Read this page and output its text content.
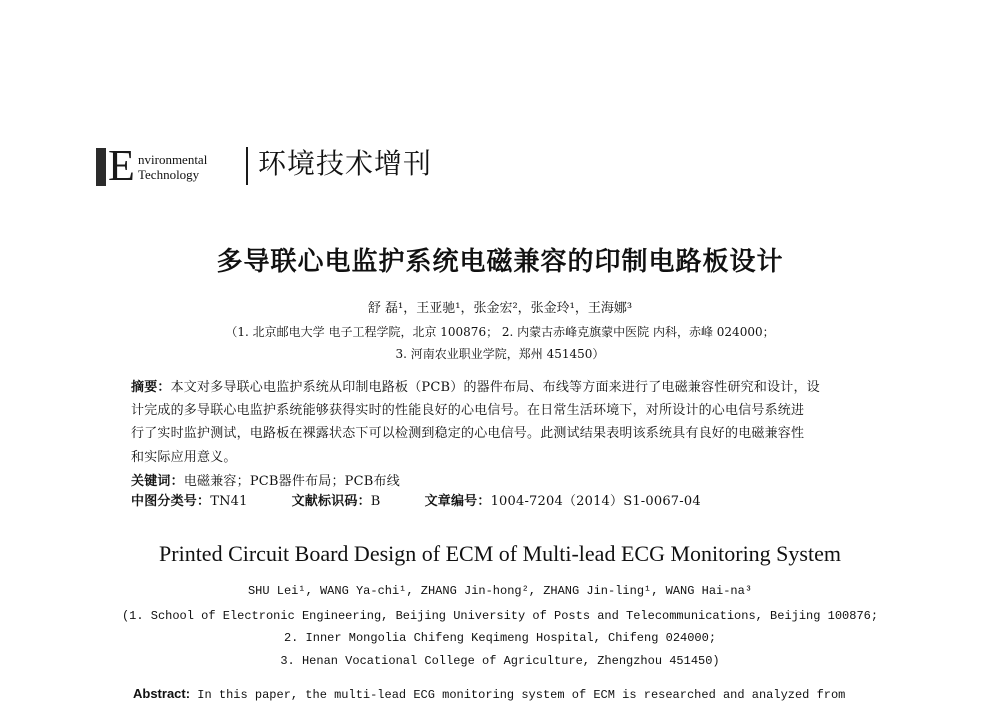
E nvironmental
Technology 环境技术增刊
多导联心电监护系统电磁兼容的印制电路板设计
舒 磊¹，王亚驰¹，张金宏²，张金玲¹，王海娜³
（1. 北京邮电大学 电子工程学院，北京 100876； 2. 内蒙古赤峰克旗蒙中医院 内科，赤峰 024000；
3. 河南农业职业学院，郑州 451450）
摘要：本文对多导联心电监护系统从印制电路板（PCB）的器件布局、布线等方面来进行了电磁兼容性研究和设计，设
计完成的多导联心电监护系统能够获得实时的性能良好的心电信号。在日常生活环境下，对所设计的心电信号系统进
行了实时监护测试，电路板在裸露状态下可以检测到稳定的心电信号。此测试结果表明该系统具有良好的电磁兼容性
和实际应用意义。
关键词：电磁兼容；PCB器件布局；PCB布线
中图分类号：TN41	文献标识码：B	文章编号：1004-7204（2014）S1-0067-04
Printed Circuit Board Design of ECM of Multi-lead ECG Monitoring System
SHU Lei¹, WANG Ya-chi¹, ZHANG Jin-hong², ZHANG Jin-ling¹, WANG Hai-na³
(1. School of Electronic Engineering, Beijing University of Posts and Telecommunications, Beijing 100876;
2. Inner Mongolia Chifeng Keqimeng Hospital, Chifeng 024000;
3. Henan Vocational College of Agriculture, Zhengzhou 451450)
Abstract: In this paper, the multi-lead ECG monitoring system of ECM is researched and analyzed from
